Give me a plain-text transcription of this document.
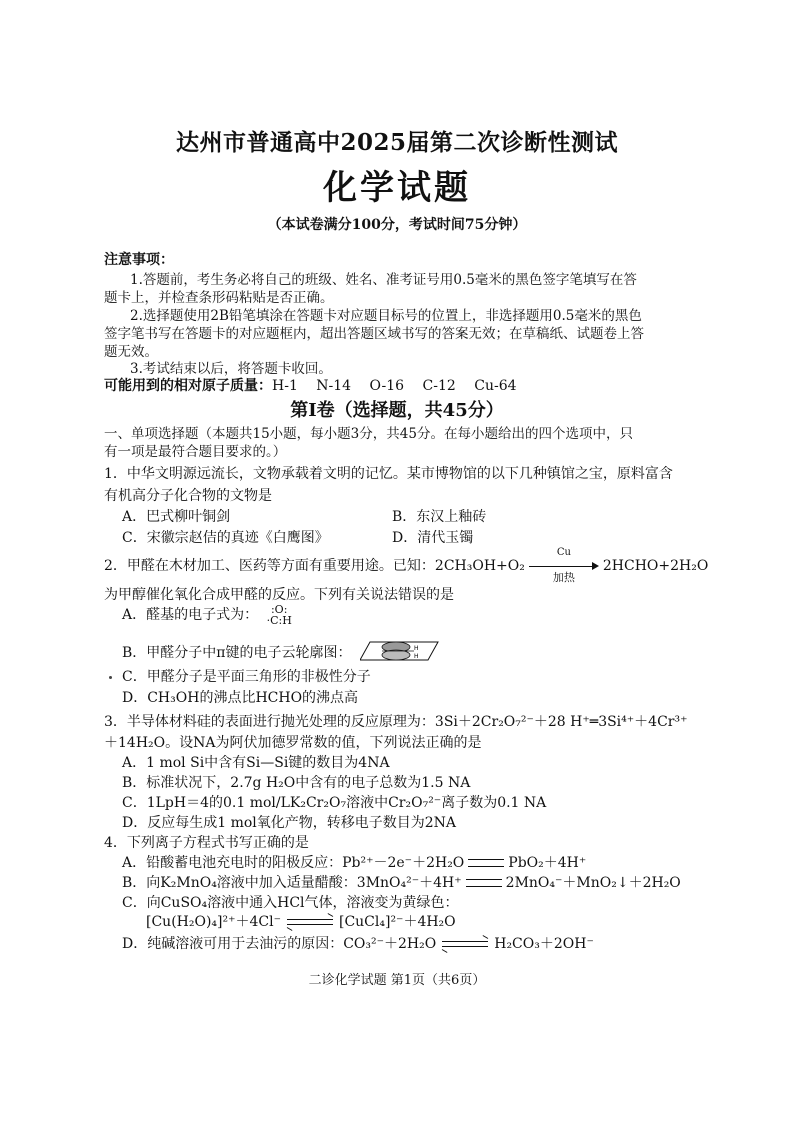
达州市普通高中2025届第二次诊断性测试
化学试题
（本试卷满分100分，考试时间75分钟）
注意事项：
1.答题前，考生务必将自己的班级、姓名、准考证号用0.5毫米的黑色签字笔填写在答
题卡上，并检查条形码粘贴是否正确。
2.选择题使用2B铅笔填涂在答题卡对应题目标号的位置上，非选择题用0.5毫米的黑色
签字笔书写在答题卡的对应题框内，超出答题区域书写的答案无效；在草稿纸、试题卷上答
题无效。
3.考试结束以后，将答题卡收回。
可能用到的相对原子质量：H-1　 N-14　 O-16　 C-12　 Cu-64
第Ⅰ卷（选择题，共45分）
一、单项选择题（本题共15小题，每小题3分，共45分。在每小题给出的四个选项中，只
有一项是最符合题目要求的。）
1．中华文明源远流长，文物承载着文明的记忆。某市博物馆的以下几种镇馆之宝，原料富含
有机高分子化合物的文物是
A．巴式柳叶铜剑	B．东汉上釉砖
C．宋徽宗赵佶的真迹《白鹰图》	D．清代玉镯
2．甲醛在木材加工、医药等方面有重要用途。已知：2CH₃OH+O₂
Cu
加热
2HCHO+2H₂O
为甲醇催化氧化合成甲醛的反应。下列有关说法错误的是
A．醛基的电子式为： :O:
·C:H
B．甲醛分子中π键的电子云轮廓图：	H
H
C．甲醛分子是平面三角形的非极性分子
D．CH₃OH的沸点比HCHO的沸点高
3．半导体材料硅的表面进行抛光处理的反应原理为：3Si＋2Cr₂O₇²⁻＋28 H⁺═3Si⁴⁺＋4Cr³⁺
＋14H₂O。设NA为阿伏加德罗常数的值，下列说法正确的是
A．1 mol Si中含有Si—Si键的数目为4NA
B．标准状况下，2.7g H₂O中含有的电子总数为1.5 NA
C．1LpH＝4的0.1 mol/LK₂Cr₂O₇溶液中Cr₂O₇²⁻离子数为0.1 NA
D．反应每生成1 mol氧化产物，转移电子数目为2NA
4．下列离子方程式书写正确的是
A．铅酸蓄电池充电时的阳极反应：Pb²⁺－2e⁻＋2H₂O	PbO₂＋4H⁺
B．向K₂MnO₄溶液中加入适量醋酸：3MnO₄²⁻＋4H⁺	2MnO₄⁻＋MnO₂↓＋2H₂O
C．向CuSO₄溶液中通入HCl气体，溶液变为黄绿色：
[Cu(H₂O)₄]²⁺＋4Cl⁻	[CuCl₄]²⁻＋4H₂O
D．纯碱溶液可用于去油污的原因：CO₃²⁻＋2H₂O	H₂CO₃＋2OH⁻
二诊化学试题 第1页（共6页）
